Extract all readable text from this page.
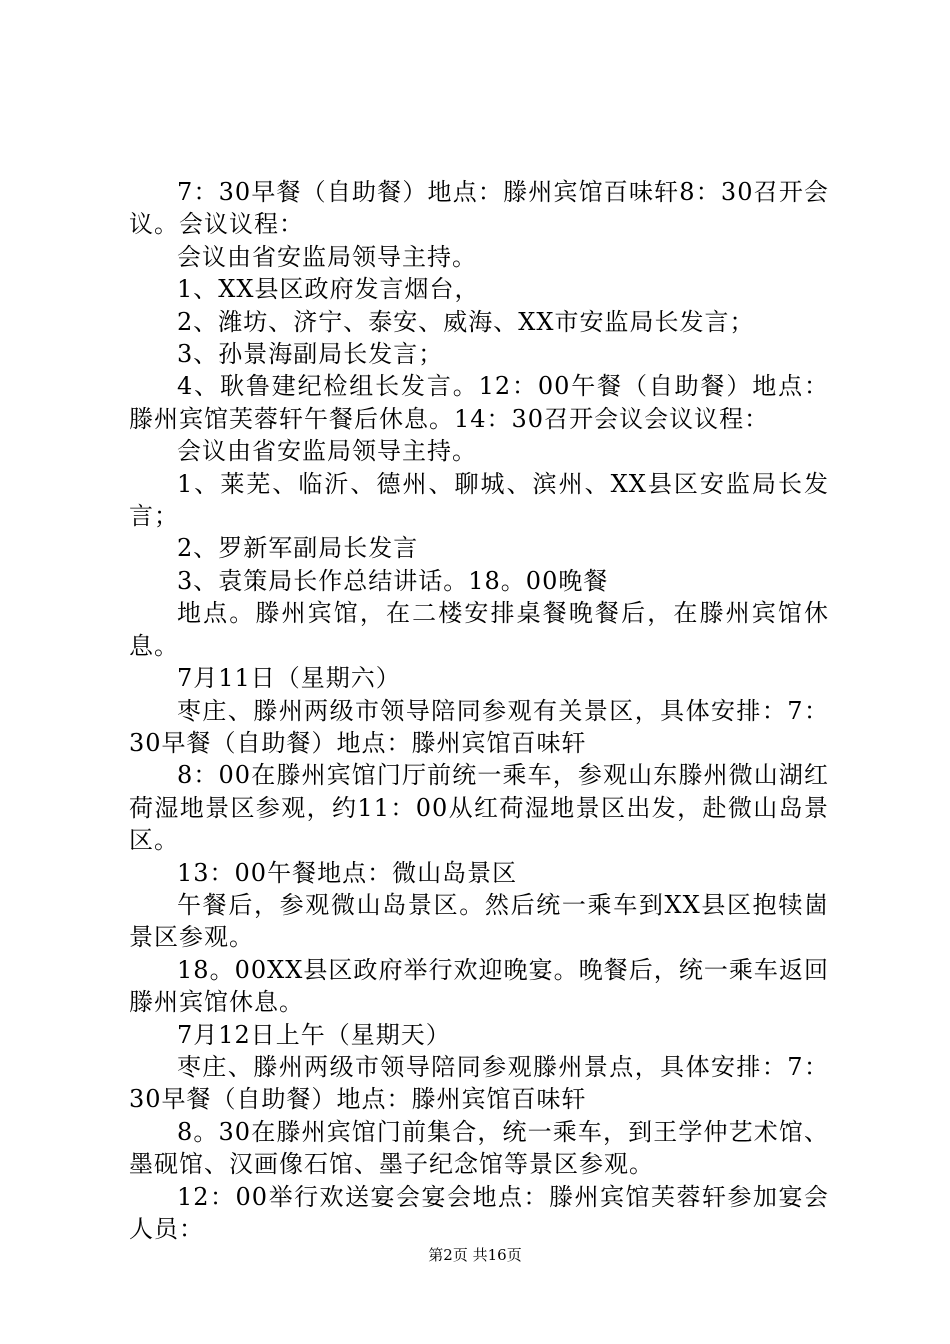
7：30早餐（自助餐）地点：滕州宾馆百味轩8：30召开会议。会议议程：

会议由省安监局领导主持。

1、XX县区政府发言烟台，

2、潍坊、济宁、泰安、威海、XX市安监局长发言；

3、孙景海副局长发言；

4、耿鲁建纪检组长发言。12：00午餐（自助餐）地点：滕州宾馆芙蓉轩午餐后休息。14：30召开会议会议议程：

会议由省安监局领导主持。

1、莱芜、临沂、德州、聊城、滨州、XX县区安监局长发言；

2、罗新军副局长发言

3、袁策局长作总结讲话。18。00晚餐

地点。滕州宾馆，在二楼安排桌餐晚餐后，在滕州宾馆休息。

7月11日（星期六）

枣庄、滕州两级市领导陪同参观有关景区，具体安排：7：30早餐（自助餐）地点：滕州宾馆百味轩

8：00在滕州宾馆门厅前统一乘车，参观山东滕州微山湖红荷湿地景区参观，约11：00从红荷湿地景区出发，赴微山岛景区。

13：00午餐地点：微山岛景区

午餐后，参观微山岛景区。然后统一乘车到XX县区抱犊崮景区参观。

18。00XX县区政府举行欢迎晚宴。晚餐后，统一乘车返回滕州宾馆休息。

7月12日上午（星期天）

枣庄、滕州两级市领导陪同参观滕州景点，具体安排：7：30早餐（自助餐）地点：滕州宾馆百味轩

8。30在滕州宾馆门前集合，统一乘车，到王学仲艺术馆、墨砚馆、汉画像石馆、墨子纪念馆等景区参观。

12：00举行欢送宴会宴会地点：滕州宾馆芙蓉轩参加宴会人员：

第2页 共16页
